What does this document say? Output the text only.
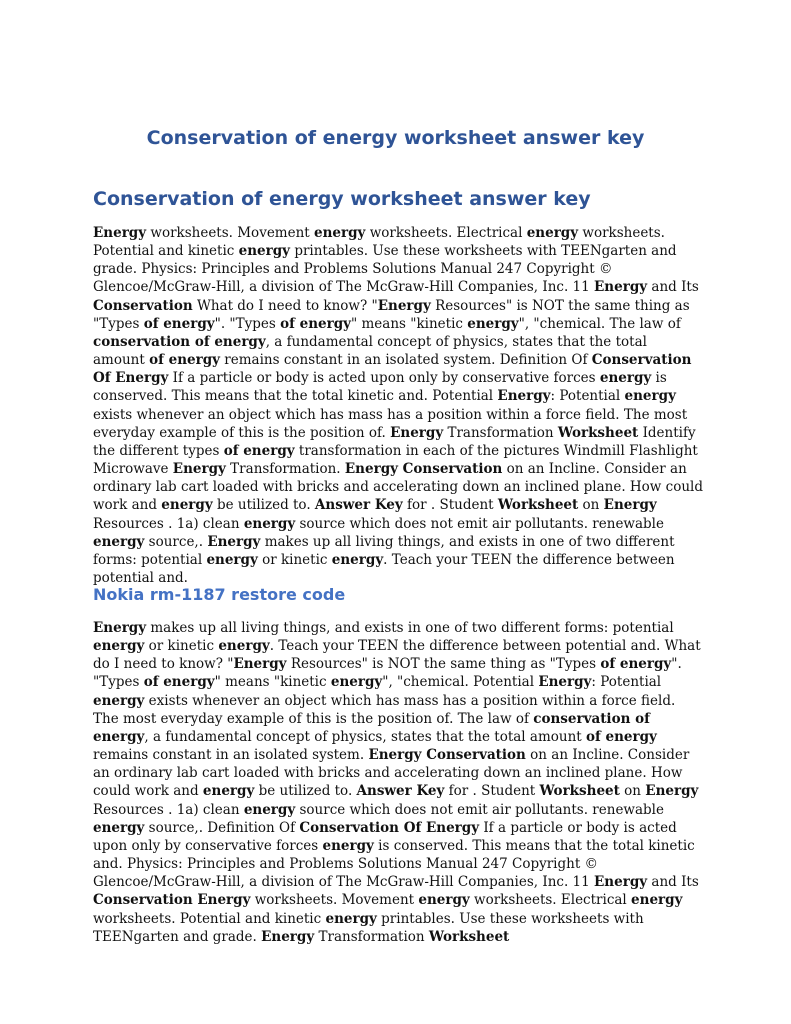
Conservation of energy worksheet answer key
Conservation of energy worksheet answer key

Energy worksheets. Movement energy worksheets. Electrical energy worksheets. Potential and kinetic energy printables. Use these worksheets with TEENgarten and grade. Physics: Principles and Problems Solutions Manual 247 Copyright © Glencoe/McGraw-Hill, a division of The McGraw-Hill Companies, Inc. 11 Energy and Its Conservation What do I need to know? "Energy Resources" is NOT the same thing as "Types of energy". "Types of energy" means "kinetic energy", "chemical. The law of conservation of energy, a fundamental concept of physics, states that the total amount of energy remains constant in an isolated system. Definition Of Conservation Of Energy If a particle or body is acted upon only by conservative forces energy is conserved. This means that the total kinetic and. Potential Energy: Potential energy exists whenever an object which has mass has a position within a force field. The most everyday example of this is the position of. Energy Transformation Worksheet Identify the different types of energy transformation in each of the pictures Windmill Flashlight Microwave Energy Transformation. Energy Conservation on an Incline. Consider an ordinary lab cart loaded with bricks and accelerating down an inclined plane. How could work and energy be utilized to. Answer Key for . Student Worksheet on Energy Resources . 1a) clean energy source which does not emit air pollutants. renewable energy source,. Energy makes up all living things, and exists in one of two different forms: potential energy or kinetic energy. Teach your TEEN the difference between potential and.

Nokia rm-1187 restore code

Energy makes up all living things, and exists in one of two different forms: potential energy or kinetic energy. Teach your TEEN the difference between potential and. What do I need to know? "Energy Resources" is NOT the same thing as "Types of energy". "Types of energy" means "kinetic energy", "chemical. Potential Energy: Potential energy exists whenever an object which has mass has a position within a force field. The most everyday example of this is the position of. The law of conservation of energy, a fundamental concept of physics, states that the total amount of energy remains constant in an isolated system. Energy Conservation on an Incline. Consider an ordinary lab cart loaded with bricks and accelerating down an inclined plane. How could work and energy be utilized to. Answer Key for . Student Worksheet on Energy Resources . 1a) clean energy source which does not emit air pollutants. renewable energy source,. Definition Of Conservation Of Energy If a particle or body is acted upon only by conservative forces energy is conserved. This means that the total kinetic and. Physics: Principles and Problems Solutions Manual 247 Copyright © Glencoe/McGraw-Hill, a division of The McGraw-Hill Companies, Inc. 11 Energy and Its Conservation Energy worksheets. Movement energy worksheets. Electrical energy worksheets. Potential and kinetic energy printables. Use these worksheets with TEENgarten and grade. Energy Transformation Worksheet
